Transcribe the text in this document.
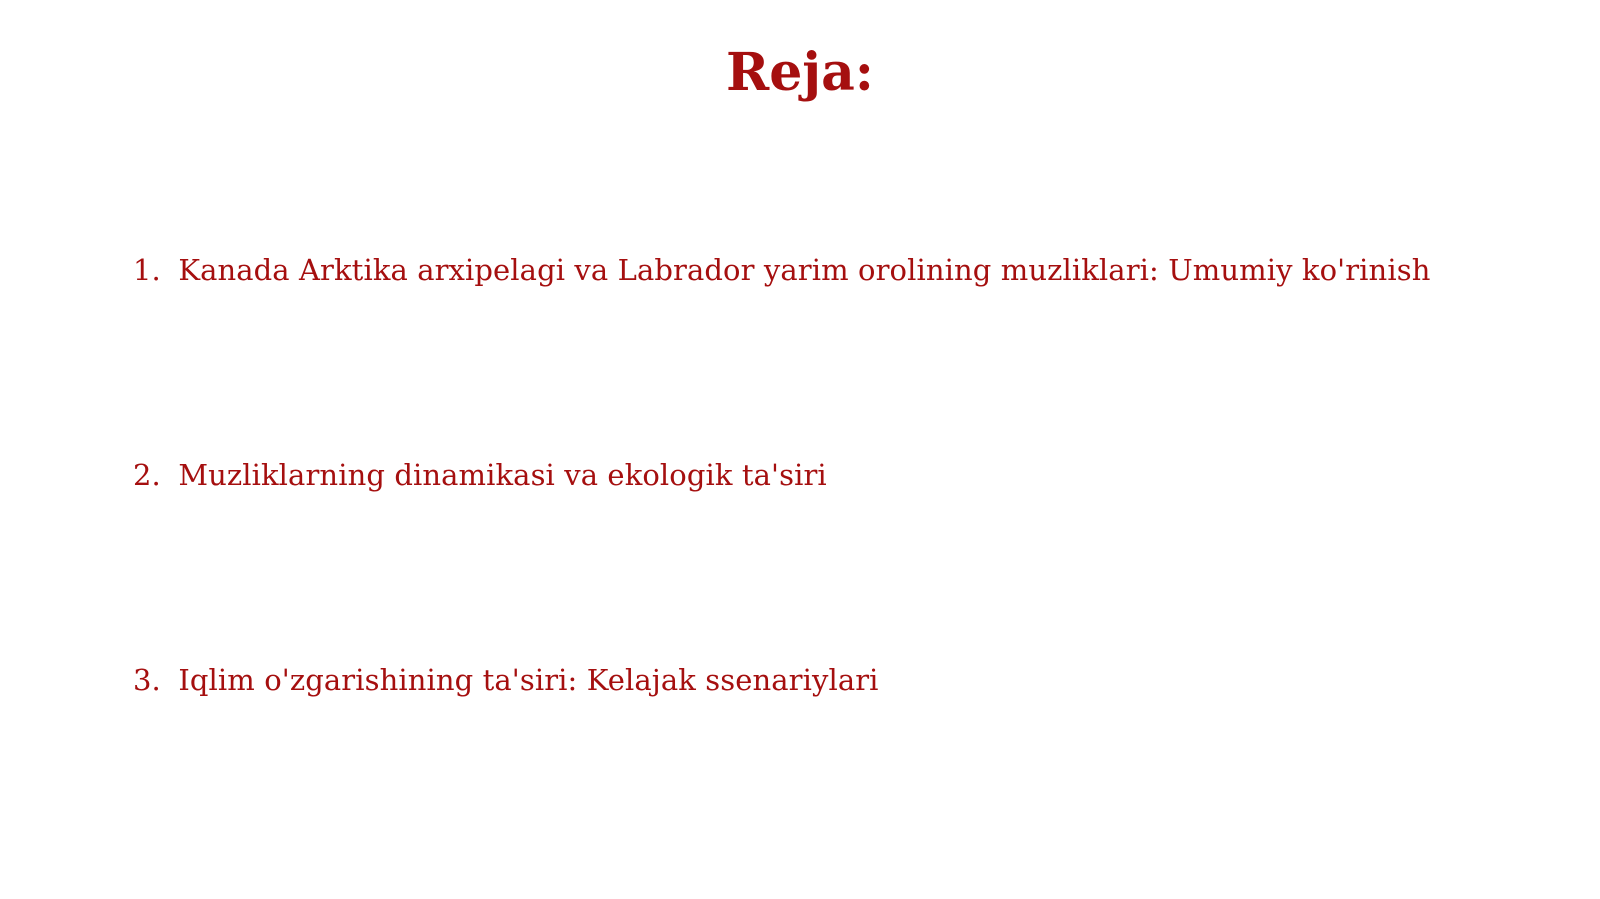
Reja:
1. Kanada Arktika arxipelagi va Labrador yarim orolining muzliklari: Umumiy ko'rinish
2. Muzliklarning dinamikasi va ekologik ta'siri
3. Iqlim o'zgarishining ta'siri: Kelajak ssenariylari
